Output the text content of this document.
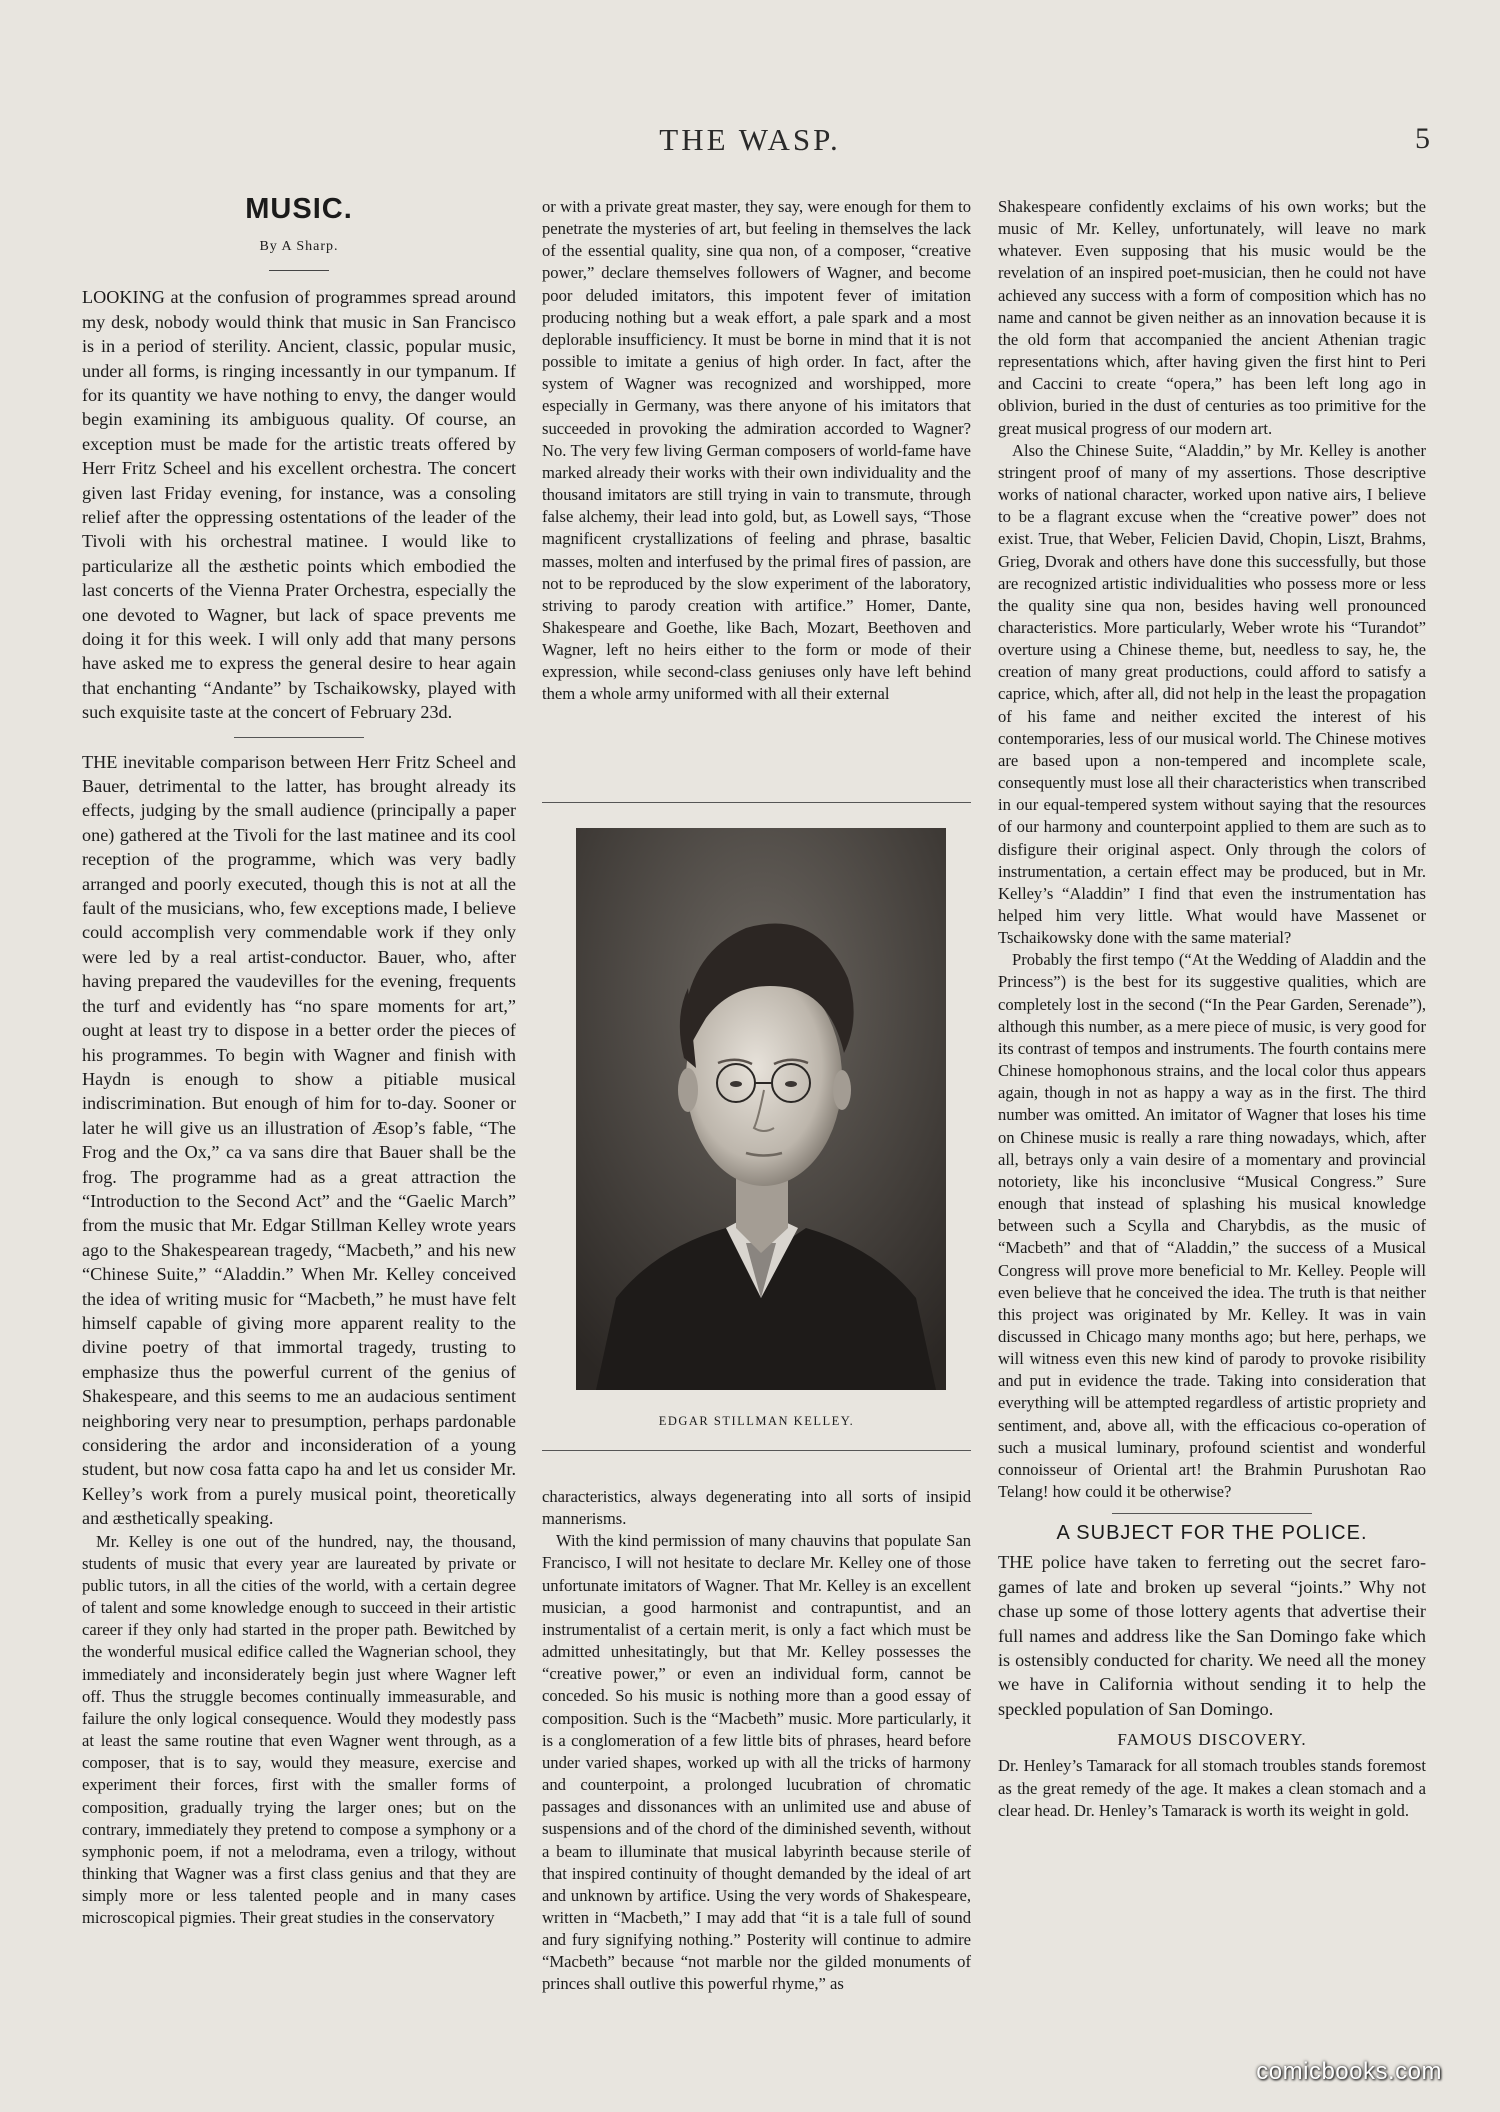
THE WASP.	5
MUSIC.
By A Sharp.

LOOKING at the confusion of programmes spread around my desk, nobody would think that music in San Francisco is in a period of sterility. Ancient, classic, popular music, under all forms, is ringing incessantly in our tympanum. If for its quantity we have nothing to envy, the danger would begin examining its ambiguous quality. Of course, an exception must be made for the artistic treats offered by Herr Fritz Scheel and his excellent orchestra. The concert given last Friday evening, for instance, was a consoling relief after the oppressing ostentations of the leader of the Tivoli with his orchestral matinee. I would like to particularize all the æsthetic points which embodied the last concerts of the Vienna Prater Orchestra, especially the one devoted to Wagner, but lack of space prevents me doing it for this week. I will only add that many persons have asked me to express the general desire to hear again that enchanting “Andante” by Tschaikowsky, played with such exquisite taste at the concert of February 23d.

THE inevitable comparison between Herr Fritz Scheel and Bauer, detrimental to the latter, has brought already its effects, judging by the small audience (principally a paper one) gathered at the Tivoli for the last matinee and its cool reception of the programme, which was very badly arranged and poorly executed, though this is not at all the fault of the musicians, who, few exceptions made, I believe could accomplish very commendable work if they only were led by a real artist-conductor. Bauer, who, after having prepared the vaudevilles for the evening, frequents the turf and evidently has “no spare moments for art,” ought at least try to dispose in a better order the pieces of his programmes. To begin with Wagner and finish with Haydn is enough to show a pitiable musical indiscrimination. But enough of him for to-day. Sooner or later he will give us an illustration of Æsop’s fable, “The Frog and the Ox,” ca va sans dire that Bauer shall be the frog. The programme had as a great attraction the “Introduction to the Second Act” and the “Gaelic March” from the music that Mr. Edgar Stillman Kelley wrote years ago to the Shakespearean tragedy, “Macbeth,” and his new “Chinese Suite,” “Aladdin.” When Mr. Kelley conceived the idea of writing music for “Macbeth,” he must have felt himself capable of giving more apparent reality to the divine poetry of that immortal tragedy, trusting to emphasize thus the powerful current of the genius of Shakespeare, and this seems to me an audacious sentiment neighboring very near to presumption, perhaps pardonable considering the ardor and inconsideration of a young student, but now cosa fatta capo ha and let us consider Mr. Kelley’s work from a purely musical point, theoretically and æsthetically speaking.

Mr. Kelley is one out of the hundred, nay, the thousand, students of music that every year are laureated by private or public tutors, in all the cities of the world, with a certain degree of talent and some knowledge enough to succeed in their artistic career if they only had started in the proper path. Bewitched by the wonderful musical edifice called the Wagnerian school, they immediately and inconsiderately begin just where Wagner left off. Thus the struggle becomes continually immeasurable, and failure the only logical consequence. Would they modestly pass at least the same routine that even Wagner went through, as a composer, that is to say, would they measure, exercise and experiment their forces, first with the smaller forms of composition, gradually trying the larger ones; but on the contrary, immediately they pretend to compose a symphony or a symphonic poem, if not a melodrama, even a trilogy, without thinking that Wagner was a first class genius and that they are simply more or less talented people and in many cases microscopical pigmies. Their great studies in the conservatory

or with a private great master, they say, were enough for them to penetrate the mysteries of art, but feeling in themselves the lack of the essential quality, sine qua non, of a composer, “creative power,” declare themselves followers of Wagner, and become poor deluded imitators, this impotent fever of imitation producing nothing but a weak effort, a pale spark and a most deplorable insufficiency. It must be borne in mind that it is not possible to imitate a genius of high order. In fact, after the system of Wagner was recognized and worshipped, more especially in Germany, was there anyone of his imitators that succeeded in provoking the admiration accorded to Wagner? No. The very few living German composers of world-fame have marked already their works with their own individuality and the thousand imitators are still trying in vain to transmute, through false alchemy, their lead into gold, but, as Lowell says, “Those magnificent crystallizations of feeling and phrase, basaltic masses, molten and interfused by the primal fires of passion, are not to be reproduced by the slow experiment of the laboratory, striving to parody creation with artifice.” Homer, Dante, Shakespeare and Goethe, like Bach, Mozart, Beethoven and Wagner, left no heirs either to the form or mode of their expression, while second-class geniuses only have left behind them a whole army uniformed with all their external

EDGAR STILLMAN KELLEY.

characteristics, always degenerating into all sorts of insipid mannerisms.

With the kind permission of many chauvins that populate San Francisco, I will not hesitate to declare Mr. Kelley one of those unfortunate imitators of Wagner. That Mr. Kelley is an excellent musician, a good harmonist and contrapuntist, and an instrumentalist of a certain merit, is only a fact which must be admitted unhesitatingly, but that Mr. Kelley possesses the “creative power,” or even an individual form, cannot be conceded. So his music is nothing more than a good essay of composition. Such is the “Macbeth” music. More particularly, it is a conglomeration of a few little bits of phrases, heard before under varied shapes, worked up with all the tricks of harmony and counterpoint, a prolonged lucubration of chromatic passages and dissonances with an unlimited use and abuse of suspensions and of the chord of the diminished seventh, without a beam to illuminate that musical labyrinth because sterile of that inspired continuity of thought demanded by the ideal of art and unknown by artifice. Using the very words of Shakespeare, written in “Macbeth,” I may add that “it is a tale full of sound and fury signifying nothing.” Posterity will continue to admire “Macbeth” because “not marble nor the gilded monuments of princes shall outlive this powerful rhyme,” as

Shakespeare confidently exclaims of his own works; but the music of Mr. Kelley, unfortunately, will leave no mark whatever. Even supposing that his music would be the revelation of an inspired poet-musician, then he could not have achieved any success with a form of composition which has no name and cannot be given neither as an innovation because it is the old form that accompanied the ancient Athenian tragic representations which, after having given the first hint to Peri and Caccini to create “opera,” has been left long ago in oblivion, buried in the dust of centuries as too primitive for the great musical progress of our modern art.

Also the Chinese Suite, “Aladdin,” by Mr. Kelley is another stringent proof of many of my assertions. Those descriptive works of national character, worked upon native airs, I believe to be a flagrant excuse when the “creative power” does not exist. True, that Weber, Felicien David, Chopin, Liszt, Brahms, Grieg, Dvorak and others have done this successfully, but those are recognized artistic individualities who possess more or less the quality sine qua non, besides having well pronounced characteristics. More particularly, Weber wrote his “Turandot” overture using a Chinese theme, but, needless to say, he, the creation of many great productions, could afford to satisfy a caprice, which, after all, did not help in the least the propagation of his fame and neither excited the interest of his contemporaries, less of our musical world. The Chinese motives are based upon a non-tempered and incomplete scale, consequently must lose all their characteristics when transcribed in our equal-tempered system without saying that the resources of our harmony and counterpoint applied to them are such as to disfigure their original aspect. Only through the colors of instrumentation, a certain effect may be produced, but in Mr. Kelley’s “Aladdin” I find that even the instrumentation has helped him very little. What would have Massenet or Tschaikowsky done with the same material?

Probably the first tempo (“At the Wedding of Aladdin and the Princess”) is the best for its suggestive qualities, which are completely lost in the second (“In the Pear Garden, Serenade”), although this number, as a mere piece of music, is very good for its contrast of tempos and instruments. The fourth contains mere Chinese homophonous strains, and the local color thus appears again, though in not as happy a way as in the first. The third number was omitted. An imitator of Wagner that loses his time on Chinese music is really a rare thing nowadays, which, after all, betrays only a vain desire of a momentary and provincial notoriety, like his inconclusive “Musical Congress.” Sure enough that instead of splashing his musical knowledge between such a Scylla and Charybdis, as the music of “Macbeth” and that of “Aladdin,” the success of a Musical Congress will prove more beneficial to Mr. Kelley. People will even believe that he conceived the idea. The truth is that neither this project was originated by Mr. Kelley. It was in vain discussed in Chicago many months ago; but here, perhaps, we will witness even this new kind of parody to provoke risibility and put in evidence the trade. Taking into consideration that everything will be attempted regardless of artistic propriety and sentiment, and, above all, with the efficacious co-operation of such a musical luminary, profound scientist and wonderful connoisseur of Oriental art! the Brahmin Purushotan Rao Telang! how could it be otherwise?

A SUBJECT FOR THE POLICE.

THE police have taken to ferreting out the secret faro-games of late and broken up several “joints.” Why not chase up some of those lottery agents that advertise their full names and address like the San Domingo fake which is ostensibly conducted for charity. We need all the money we have in California without sending it to help the speckled population of San Domingo.

FAMOUS DISCOVERY.

Dr. Henley’s Tamarack for all stomach troubles stands foremost as the great remedy of the age. It makes a clean stomach and a clear head. Dr. Henley’s Tamarack is worth its weight in gold.

comicbooks.com
